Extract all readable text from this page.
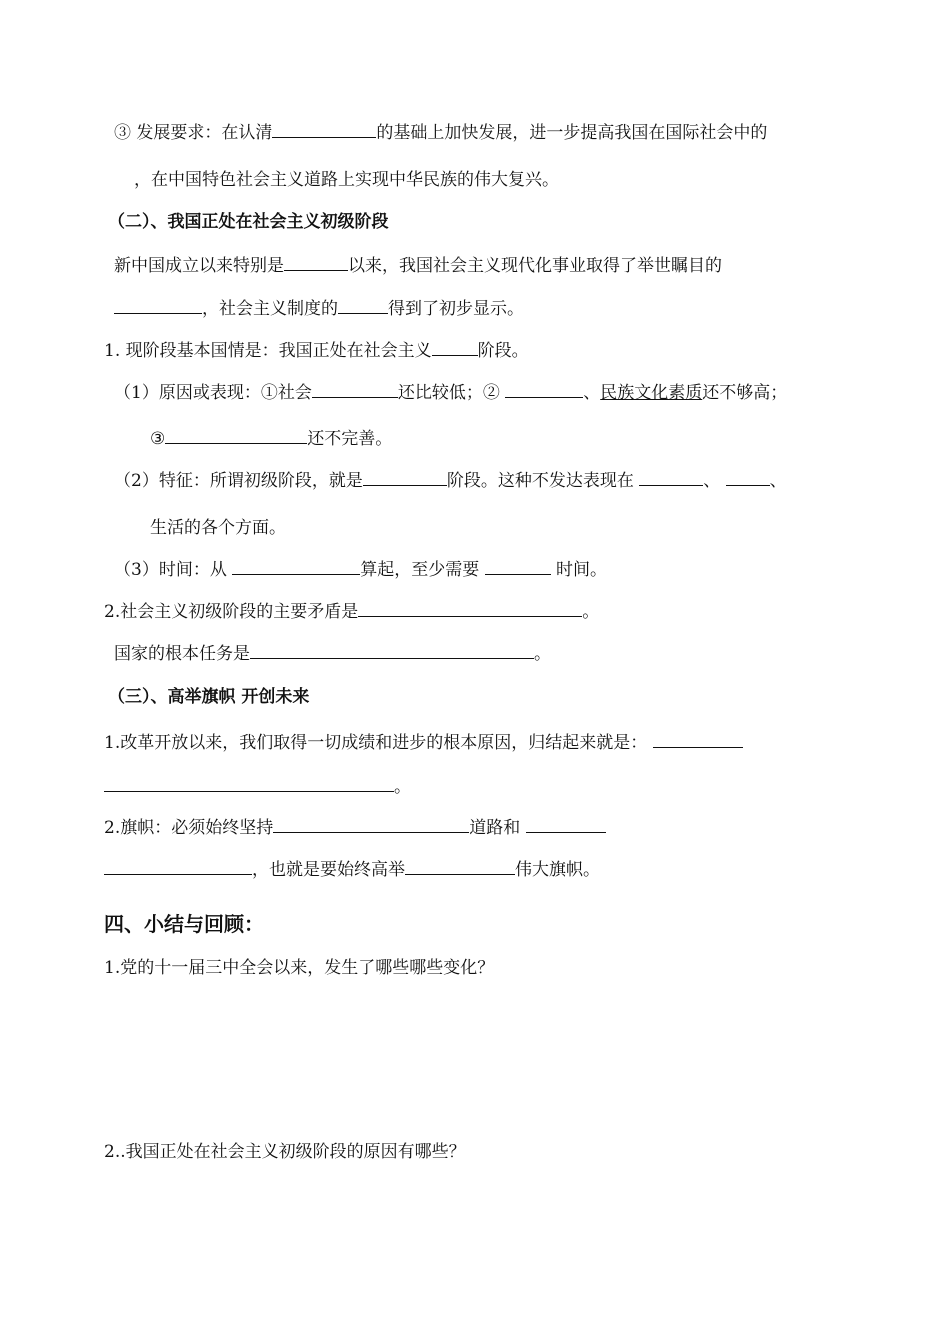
③ 发展要求：在认清	的基础上加快发展，进一步提高我国在国际社会中的
，在中国特色社会主义道路上实现中华民族的伟大复兴。
（二）、我国正处在社会主义初级阶段
新中国成立以来特别是	以来，我国社会主义现代化事业取得了举世瞩目的
，社会主义制度的	得到了初步显示。
1. 现阶段基本国情是：我国正处在社会主义	阶段。
（1）原因或表现：①社会	还比较低；②	、民族文化素质还不够高；
③	还不完善。
（2）特征：所谓初级阶段，就是	阶段。这种不发达表现在	、	、
生活的各个方面。
（3）时间：从	算起，至少需要	时间。
2.社会主义初级阶段的主要矛盾是	。
国家的根本任务是	。
（三）、高举旗帜 开创未来
1.改革开放以来，我们取得一切成绩和进步的根本原因，归结起来就是：
。
2.旗帜：必须始终坚持	道路和
，也就是要始终高举	伟大旗帜。
四、小结与回顾：
1.党的十一届三中全会以来，发生了哪些哪些变化？
2..我国正处在社会主义初级阶段的原因有哪些？
